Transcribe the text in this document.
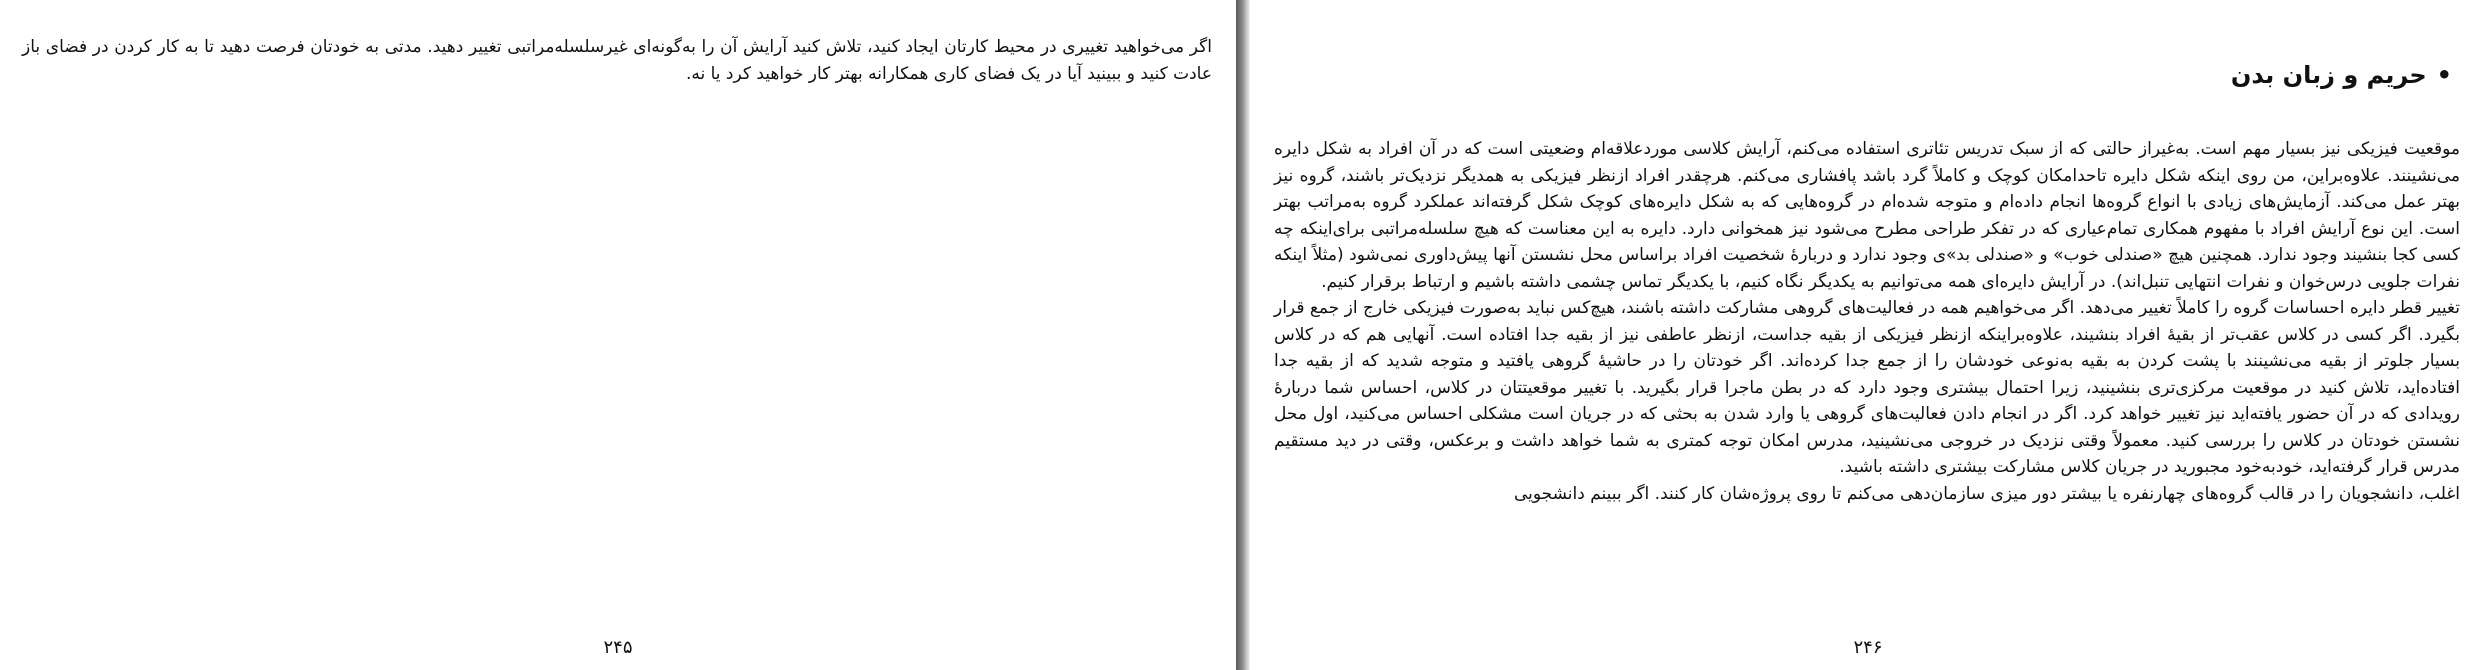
اگر می‌خواهید تغییری در محیط کارتان ایجاد کنید، تلاش کنید آرایش آن را به‌گونه‌ای غیرسلسله‌مراتبی تغییر دهید. مدتی به خودتان فرصت دهید تا به کار کردن در فضای باز عادت کنید و ببینید آیا در یک فضای کاری همکارانه بهتر کار خواهید کرد یا نه.

۲۴۵
•حریم و زبان بدن

موقعیت فیزیکی نیز بسیار مهم است. به‌غیراز حالتی که از سبک تدریس تئاتری استفاده می‌کنم، آرایش کلاسی موردعلاقه‌ام وضعیتی است که در آن افراد به شکل دایره می‌نشینند. علاوه‌براین، من روی اینکه شکل دایره تاحدامکان کوچک و کاملاً گرد باشد پافشاری می‌کنم. هرچقدر افراد ازنظر فیزیکی به همدیگر نزدیک‌تر باشند، گروه نیز بهتر عمل می‌کند. آزمایش‌های زیادی با انواع گروه‌ها انجام داده‌ام و متوجه شده‌ام در گروه‌هایی که به شکل دایره‌های کوچک شکل گرفته‌اند عملکرد گروه به‌مراتب بهتر است. این نوع آرایش افراد با مفهوم همکاری تمام‌عیاری که در تفکر طراحی مطرح می‌شود نیز همخوانی دارد. دایره به این معناست که هیچ سلسله‌مراتبی برای‌اینکه چه کسی کجا بنشیند وجود ندارد. همچنین هیچ «صندلی خوب» و «صندلی بد»ی وجود ندارد و دربارهٔ شخصیت افراد براساس محل نشستن آنها پیش‌داوری نمی‌شود (مثلاً اینکه نفرات جلویی درس‌خوان و نفرات انتهایی تنبل‌اند). در آرایش دایره‌ای همه می‌توانیم به یکدیگر نگاه کنیم، با یکدیگر تماس چشمی داشته باشیم و ارتباط برقرار کنیم.

تغییر قطر دایره احساسات گروه را کاملاً تغییر می‌دهد. اگر می‌خواهیم همه در فعالیت‌های گروهی مشارکت داشته باشند، هیچ‌کس نباید به‌صورت فیزیکی خارج از جمع قرار بگیرد. اگر کسی در کلاس عقب‌تر از بقیهٔ افراد بنشیند، علاوه‌براینکه ازنظر فیزیکی از بقیه جداست، ازنظر عاطفی نیز از بقیه جدا افتاده است. آنهایی هم که در کلاس بسیار جلوتر از بقیه می‌نشینند با پشت کردن به بقیه به‌نوعی خودشان را از جمع جدا کرده‌اند. اگر خودتان را در حاشیهٔ گروهی یافتید و متوجه شدید که از بقیه جدا افتاده‌اید، تلاش کنید در موقعیت مرکزی‌تری بنشینید، زیرا احتمال بیشتری وجود دارد که در بطن ماجرا قرار بگیرید. با تغییر موقعیتتان در کلاس، احساس شما دربارهٔ رویدادی که در آن حضور یافته‌اید نیز تغییر خواهد کرد. اگر در انجام دادن فعالیت‌های گروهی یا وارد شدن به بحثی که در جریان است مشکلی احساس می‌کنید، اول محل نشستن خودتان در کلاس را بررسی کنید. معمولاً وقتی نزدیک در خروجی می‌نشینید، مدرس امکان توجه کمتری به شما خواهد داشت و برعکس، وقتی در دید مستقیم مدرس قرار گرفته‌اید، خودبه‌خود مجبورید در جریان کلاس مشارکت بیشتری داشته باشید.

اغلب، دانشجویان را در قالب گروه‌های چهارنفره یا بیشتر دور میزی سازمان‌دهی می‌کنم تا روی پروژه‌شان کار کنند. اگر ببینم دانشجویی

۲۴۶
